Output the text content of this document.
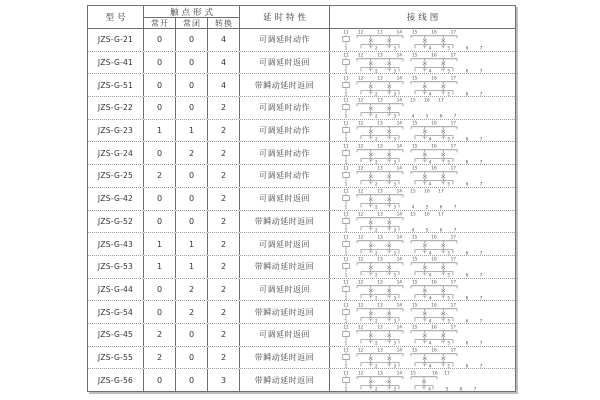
型号
触点形式
常开	常闭	转换	延时特性	接线图
JZS-G-21	0	0	4	可调延时动作
11
1
12	13	14
2	3
15	16	17
4	5	6	7
JZS-G-41	0	0	4	可调延时返回
11
1
12	13	14
2	3
15	16	17
4	5	6	7
JZS-G-51	0	0	4	带瞬动延时返回
11
1
12	13	14
2	3
15	16	17
4	5	6	7
JZS-G-22	0	0	2	可调延时动作
11
1
12	13	14
2	3
15 16 17
4	5	6	7
JZS-G-23	1	1	2	可调延时动作
11
1
12	13	14
2	3
15	16	17
4	5	6	7
JZS-G-24	0	2	2	可调延时动作
11
1
12	13	14
2	3
15	16	17
4	5	6	7
JZS-G-25	2	0	2	可调延时动作
11
1
12	13	14
2	3
15	16	17
4	5	6	7
JZS-G-42	0	0	2	可调延时返回
11
1
12	13	14
2	3
15 16 17
4	5	6	7
JZS-G-52	0	0	2	带瞬动延时返回
11
1
12	13	14
2	3
15 16 17
4	5	6	7
JZS-G-43	1	1	2	可调延时返回
11
1
12	13	14
2	3
15	16	17
4	5	6	7
JZS-G-53	1	1	2	带瞬动延时返回
11
1
12	13	14
2	3
15	16	17
4	5	6	7
JZS-G-44	0	2	2	可调延时返回
11
1
12	13	14
2	3
15	16	17
4	5	6	7
JZS-G-54	0	2	2	带瞬动延时返回
11
1
12	13	14
2	3
15	16	17
4	5	6	7
JZS-G-45	2	0	2	可调延时返回
11
1
12	13	14
2	3
15	16	17
4	5	6	7
JZS-G-55	2	0	2	带瞬动延时返回
11
1
12	13	14
2	3
15	16	17
4	5	6	7
JZS-G-56	0	0	3	带瞬动延时返回
11
1
12	13	14
2	3
15	16
4
17
5	6	7
